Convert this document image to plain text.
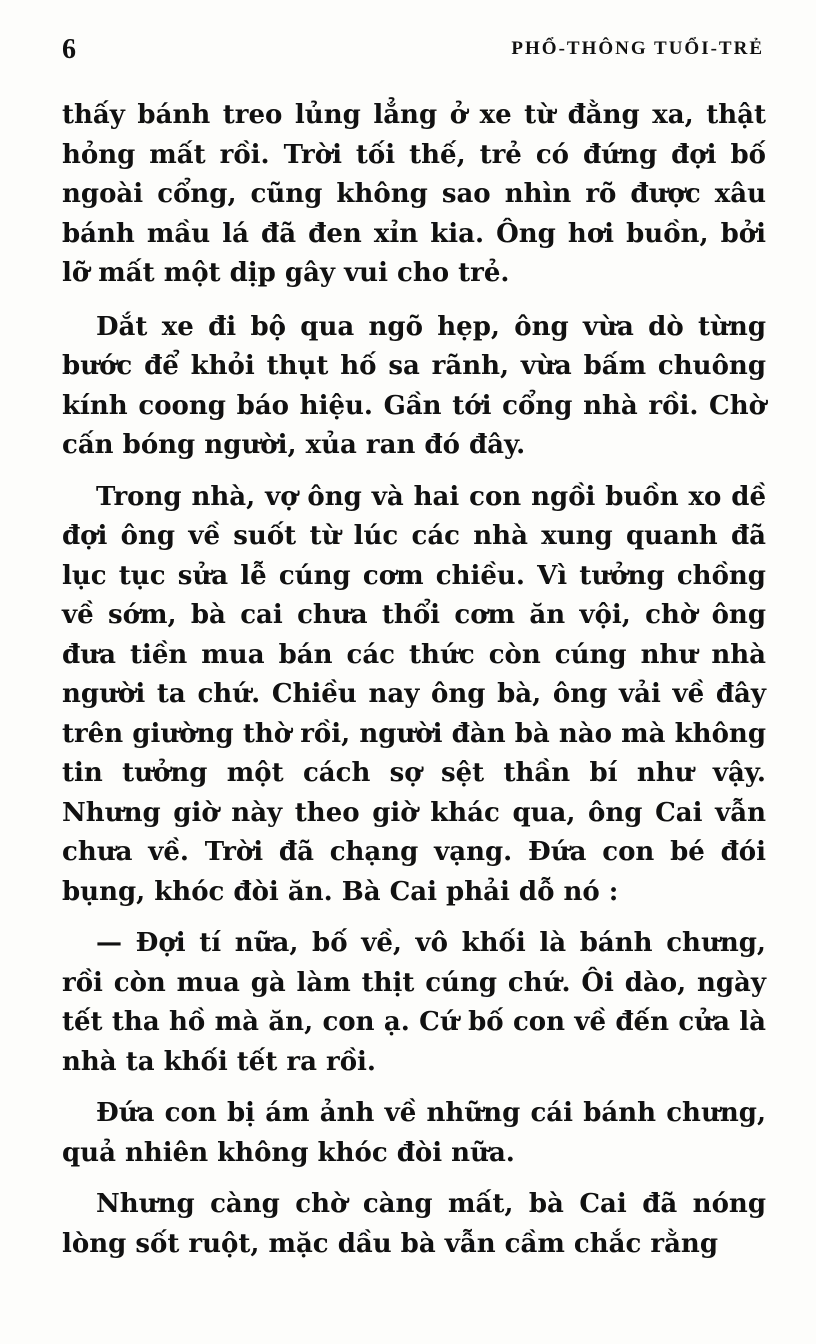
6	PHỔ-THÔNG TUỔI-TRẺ

thấy bánh treo lủng lẳng ở xe từ đằng xa, thật hỏng mất rồi. Trời tối thế, trẻ có đứng đợi bố ngoài cổng, cũng không sao nhìn rõ được xâu bánh mầu lá đã đen xỉn kia. Ông hơi buồn, bởi lỡ mất một dịp gây vui cho trẻ.

Dắt xe đi bộ qua ngõ hẹp, ông vừa dò từng bước để khỏi thụt hố sa rãnh, vừa bấm chuông kính coong báo hiệu. Gần tới cổng nhà rồi. Chờ cấn bóng người, xủa ran đó đây.

Trong nhà, vợ ông và hai con ngồi buồn xo dề đợi ông về suốt từ lúc các nhà xung quanh đã lục tục sửa lễ cúng cơm chiều. Vì tưởng chồng về sớm, bà cai chưa thổi cơm ăn vội, chờ ông đưa tiền mua bán các thức còn cúng như nhà người ta chứ. Chiều nay ông bà, ông vải về đây trên giường thờ rồi, người đàn bà nào mà không tin tưởng một cách sợ sệt thần bí như vậy. Nhưng giờ này theo giờ khác qua, ông Cai vẫn chưa về. Trời đã chạng vạng. Đứa con bé đói bụng, khóc đòi ăn. Bà Cai phải dỗ nó :

— Đợi tí nữa, bố về, vô khối là bánh chưng, rồi còn mua gà làm thịt cúng chứ. Ôi dào, ngày tết tha hồ mà ăn, con ạ. Cứ bố con về đến cửa là nhà ta khối tết ra rồi.

Đứa con bị ám ảnh về những cái bánh chưng, quả nhiên không khóc đòi nữa.

Nhưng càng chờ càng mất, bà Cai đã nóng lòng sốt ruột, mặc dầu bà vẫn cầm chắc rằng
